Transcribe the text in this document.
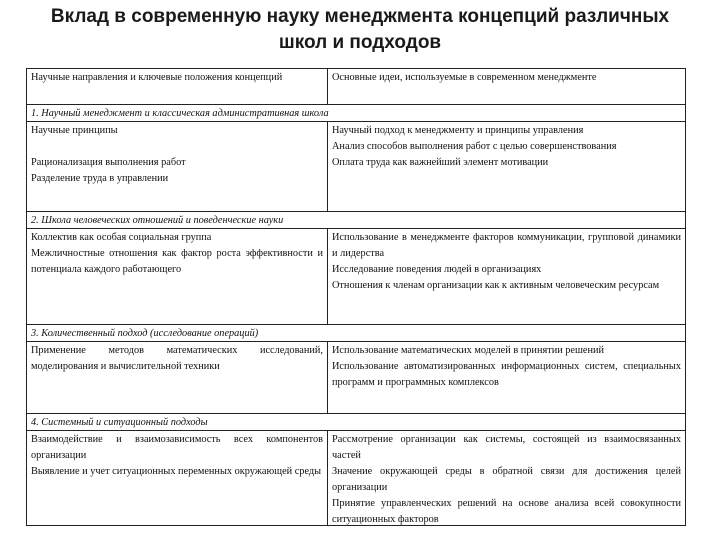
Вклад в современную науку менеджмента концепций различных
школ и подходов
Научные направления и ключевые положения концепций	Основные идеи, используемые в современном менеджменте
1. Научный менеджмент и классическая административная школа
Научные принципы
Рационализация выполнения работ
Разделение труда в управлении
Научный подход к менеджменту и принципы управления
Анализ способов выполнения работ с целью совершенствования
Оплата труда как важнейший элемент мотивации
2. Школа человеческих отношений и поведенческие науки
Коллектив как особая социальная группа
Межличностные отношения как фактор роста эффективности и потенциала каждого работающего
Использование в менеджменте факторов коммуникации, групповой динамики и лидерства
Исследование поведения людей в организациях
Отношения к членам организации как к активным человеческим ресурсам
3. Количественный подход (исследование операций)
Применение методов математических исследований, моделирования и вычислительной техники
Использование математических моделей в принятии решений
Использование автоматизированных информационных систем, специальных программ и программных комплексов
4. Системный и ситуационный подходы
Взаимодействие и взаимозависимость всех компонентов организации
Выявление и учет ситуационных переменных окружающей среды
Рассмотрение организации как системы, состоящей из взаимосвязанных частей
Значение окружающей среды в обратной связи для достижения целей организации
Принятие управленческих решений на основе анализа всей совокупности ситуационных факторов
